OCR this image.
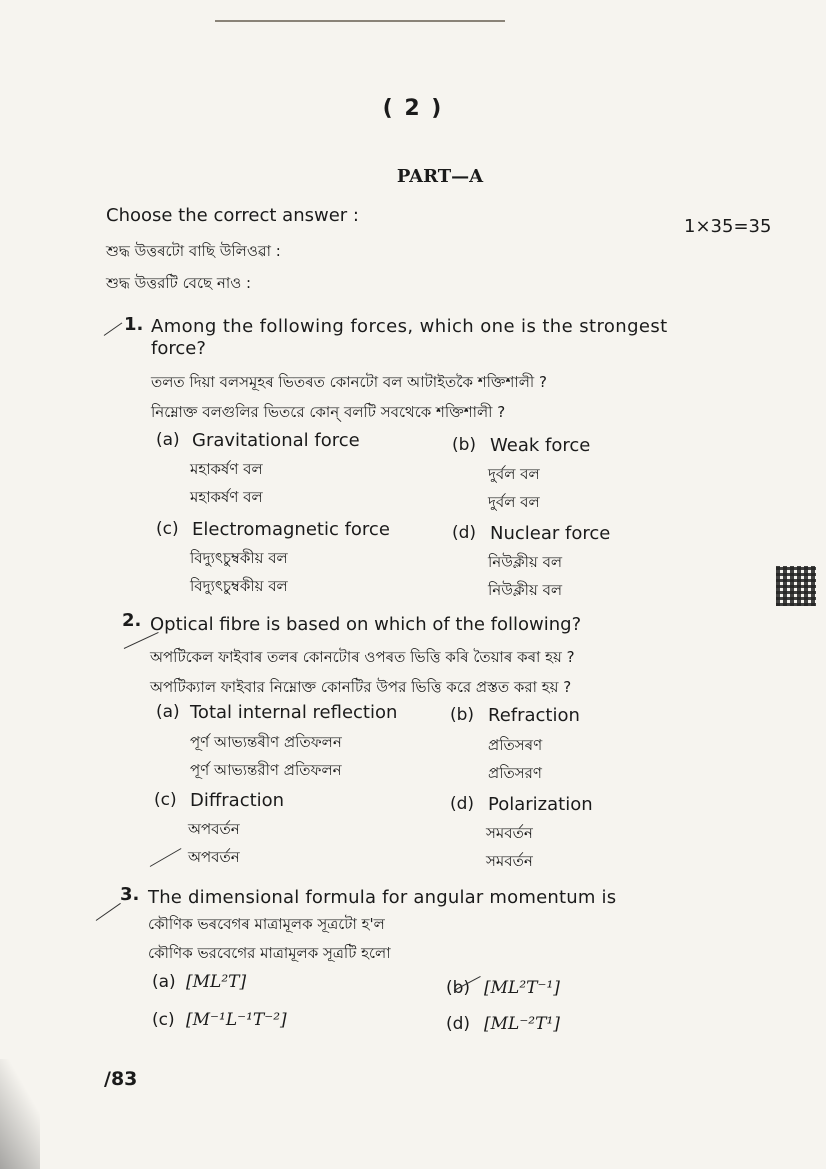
( 2 )
PART—A
Choose the correct answer :
1×35=35
শুদ্ধ উত্তৰটো বাছি উলিওৱা :
শুদ্ধ উত্তরটি বেছে নাও :
1. Among the following forces, which one is the strongest
force?
তলত দিয়া বলসমূহৰ ভিতৰত কোনটো বল আটাইতকৈ শক্তিশালী ?
নিম্নোক্ত বলগুলির ভিতরে কোন্ বলটি সবথেকে শক্তিশালী ?
(a) Gravitational force
মহাকৰ্ষণ বল
মহাকর্ষণ বল
(b) Weak force
দুৰ্বল বল
দুর্বল বল
(c) Electromagnetic force
বিদ্যুৎচুম্বকীয় বল
বিদ্যুৎচুম্বকীয় বল
(d) Nuclear force
নিউক্লীয় বল
নিউক্লীয় বল
2. Optical fibre is based on which of the following?
অপটিকেল ফাইবাৰ তলৰ কোনটোৰ ওপৰত ভিত্তি কৰি তৈয়াৰ কৰা হয় ?
অপটিক্যাল ফাইবার নিম্নোক্ত কোনটির উপর ভিত্তি করে প্রস্তত করা হয় ?
(a) Total internal reflection
পূৰ্ণ আভ্যন্তৰীণ প্ৰতিফলন
পূর্ণ আভ্যন্তরীণ প্রতিফলন
(b) Refraction
প্ৰতিসৰণ
প্রতিসরণ
(c) Diffraction
অপবৰ্তন
অপবর্তন
(d) Polarization
সমবৰ্তন
সমবর্তন
3. The dimensional formula for angular momentum is
কৌণিক ভৰবেগৰ মাত্ৰামূলক সূত্ৰটো হ'ল
কৌণিক ভরবেগের মাত্রামূলক সূত্রটি হলো
(a) [ML²T]	(b) [ML²T⁻¹]
(c) [M⁻¹L⁻¹T⁻²]	(d) [ML⁻²T¹]
/83
